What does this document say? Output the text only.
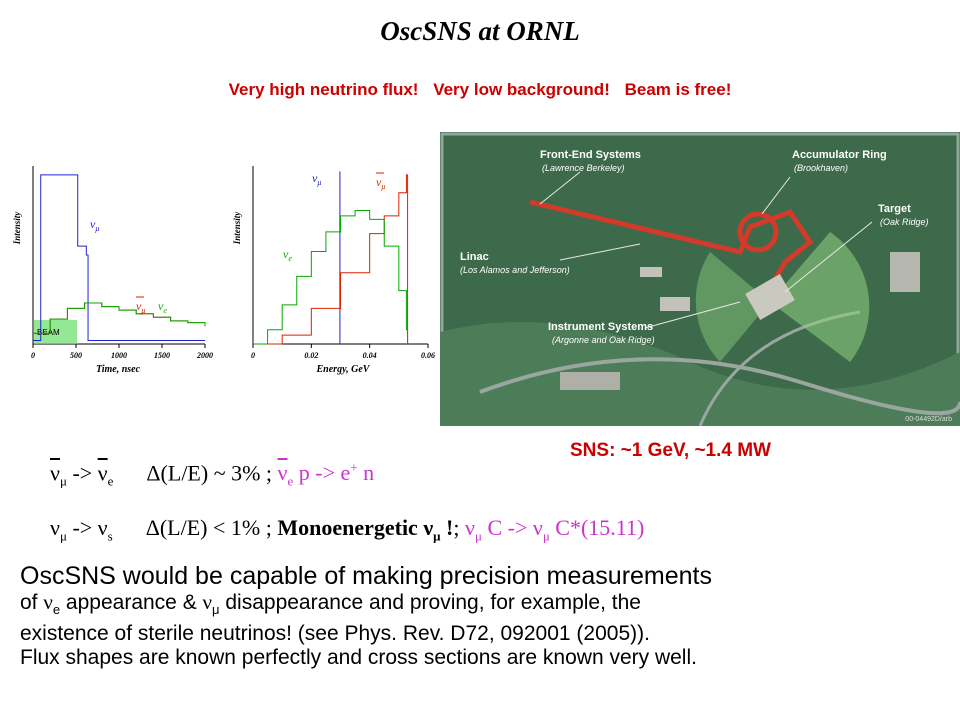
OscSNS at ORNL
Very high neutrino flux! Very low background! Beam is free!
Intensity
BEAM
0	500	1000	1500	2000
$\nu_\mu$
$\nu_\mu$ $\nu_e$
Time, nsec
Intensity
0	0.02	0.04	0.06
$\nu_\mu$	$\nu_\mu$
$\nu_e$
Energy, GeV
Front-End Systems
(Lawrence Berkeley)
Accumulator Ring
(Brookhaven)
Target
(Oak Ridge)
Linac
(Los Alamos and Jefferson)
Instrument Systems
(Argonne and Oak Ridge)
00-04492D/arb
SNS: ~1 GeV, ~1.4 MW
$\overline{\nu}_\mu -> \overline{\nu}_e$ Δ(L/E) ~ 3% ; $\overline{\nu}_e$ p -> e+ n
$\nu_\mu -> \nu_s$ Δ(L/E) < 1% ; Monoenergetic $\nu_\mu$ !; $\nu_\mu$ $C -> \nu_\mu$ C*(15.11)
OscSNS would be capable of making precision measurements
of $\nu_e$ appearance & $\nu_\mu$ disappearance and proving, for example, the
existence of sterile neutrinos! (see Phys. Rev. D72, 092001 (2005)).
Flux shapes are known perfectly and cross sections are known very well.
